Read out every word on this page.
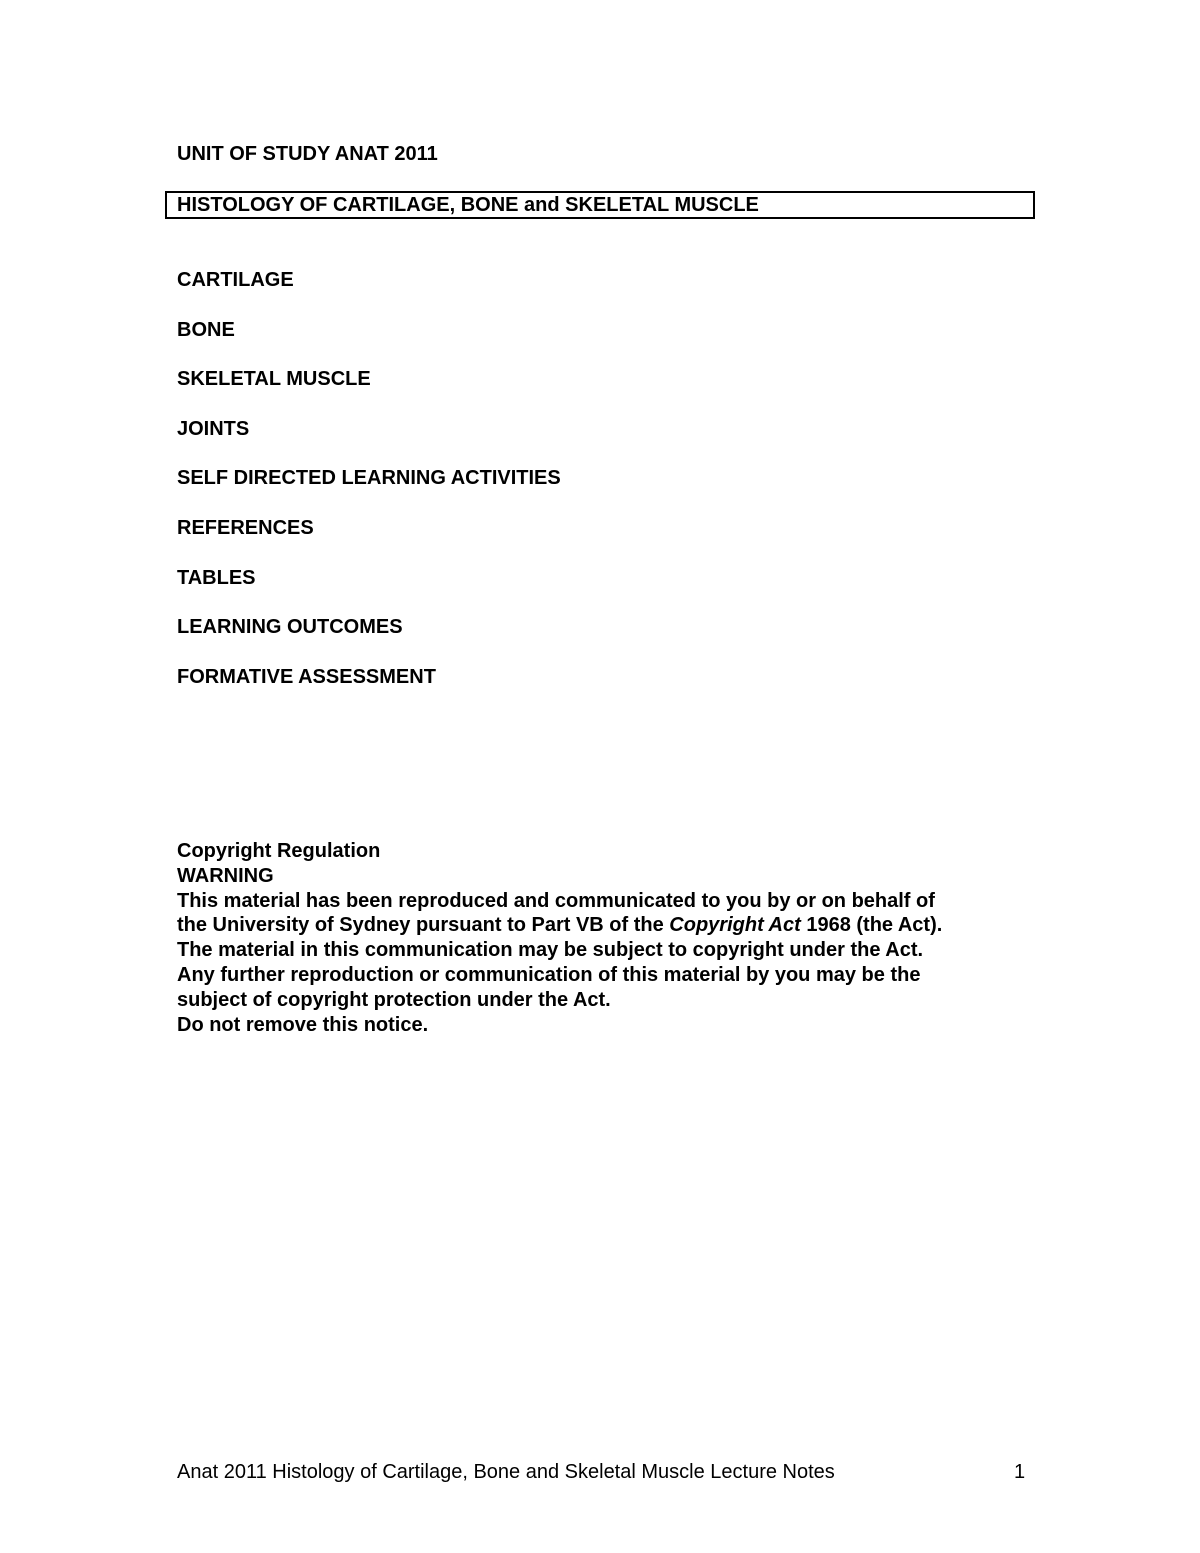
UNIT OF STUDY ANAT 2011
HISTOLOGY OF CARTILAGE, BONE and SKELETAL MUSCLE
CARTILAGE
BONE
SKELETAL MUSCLE
JOINTS
SELF DIRECTED LEARNING ACTIVITIES
REFERENCES
TABLES
LEARNING OUTCOMES
FORMATIVE ASSESSMENT
Copyright Regulation
WARNING
This material has been reproduced and communicated to you by or on behalf of
the University of Sydney pursuant to Part VB of the Copyright Act 1968 (the Act).
The material in this communication may be subject to copyright under the Act.
Any further reproduction or communication of this material by you may be the
subject of copyright protection under the Act.
Do not remove this notice.
Anat 2011 Histology of Cartilage, Bone and Skeletal Muscle Lecture Notes	1
